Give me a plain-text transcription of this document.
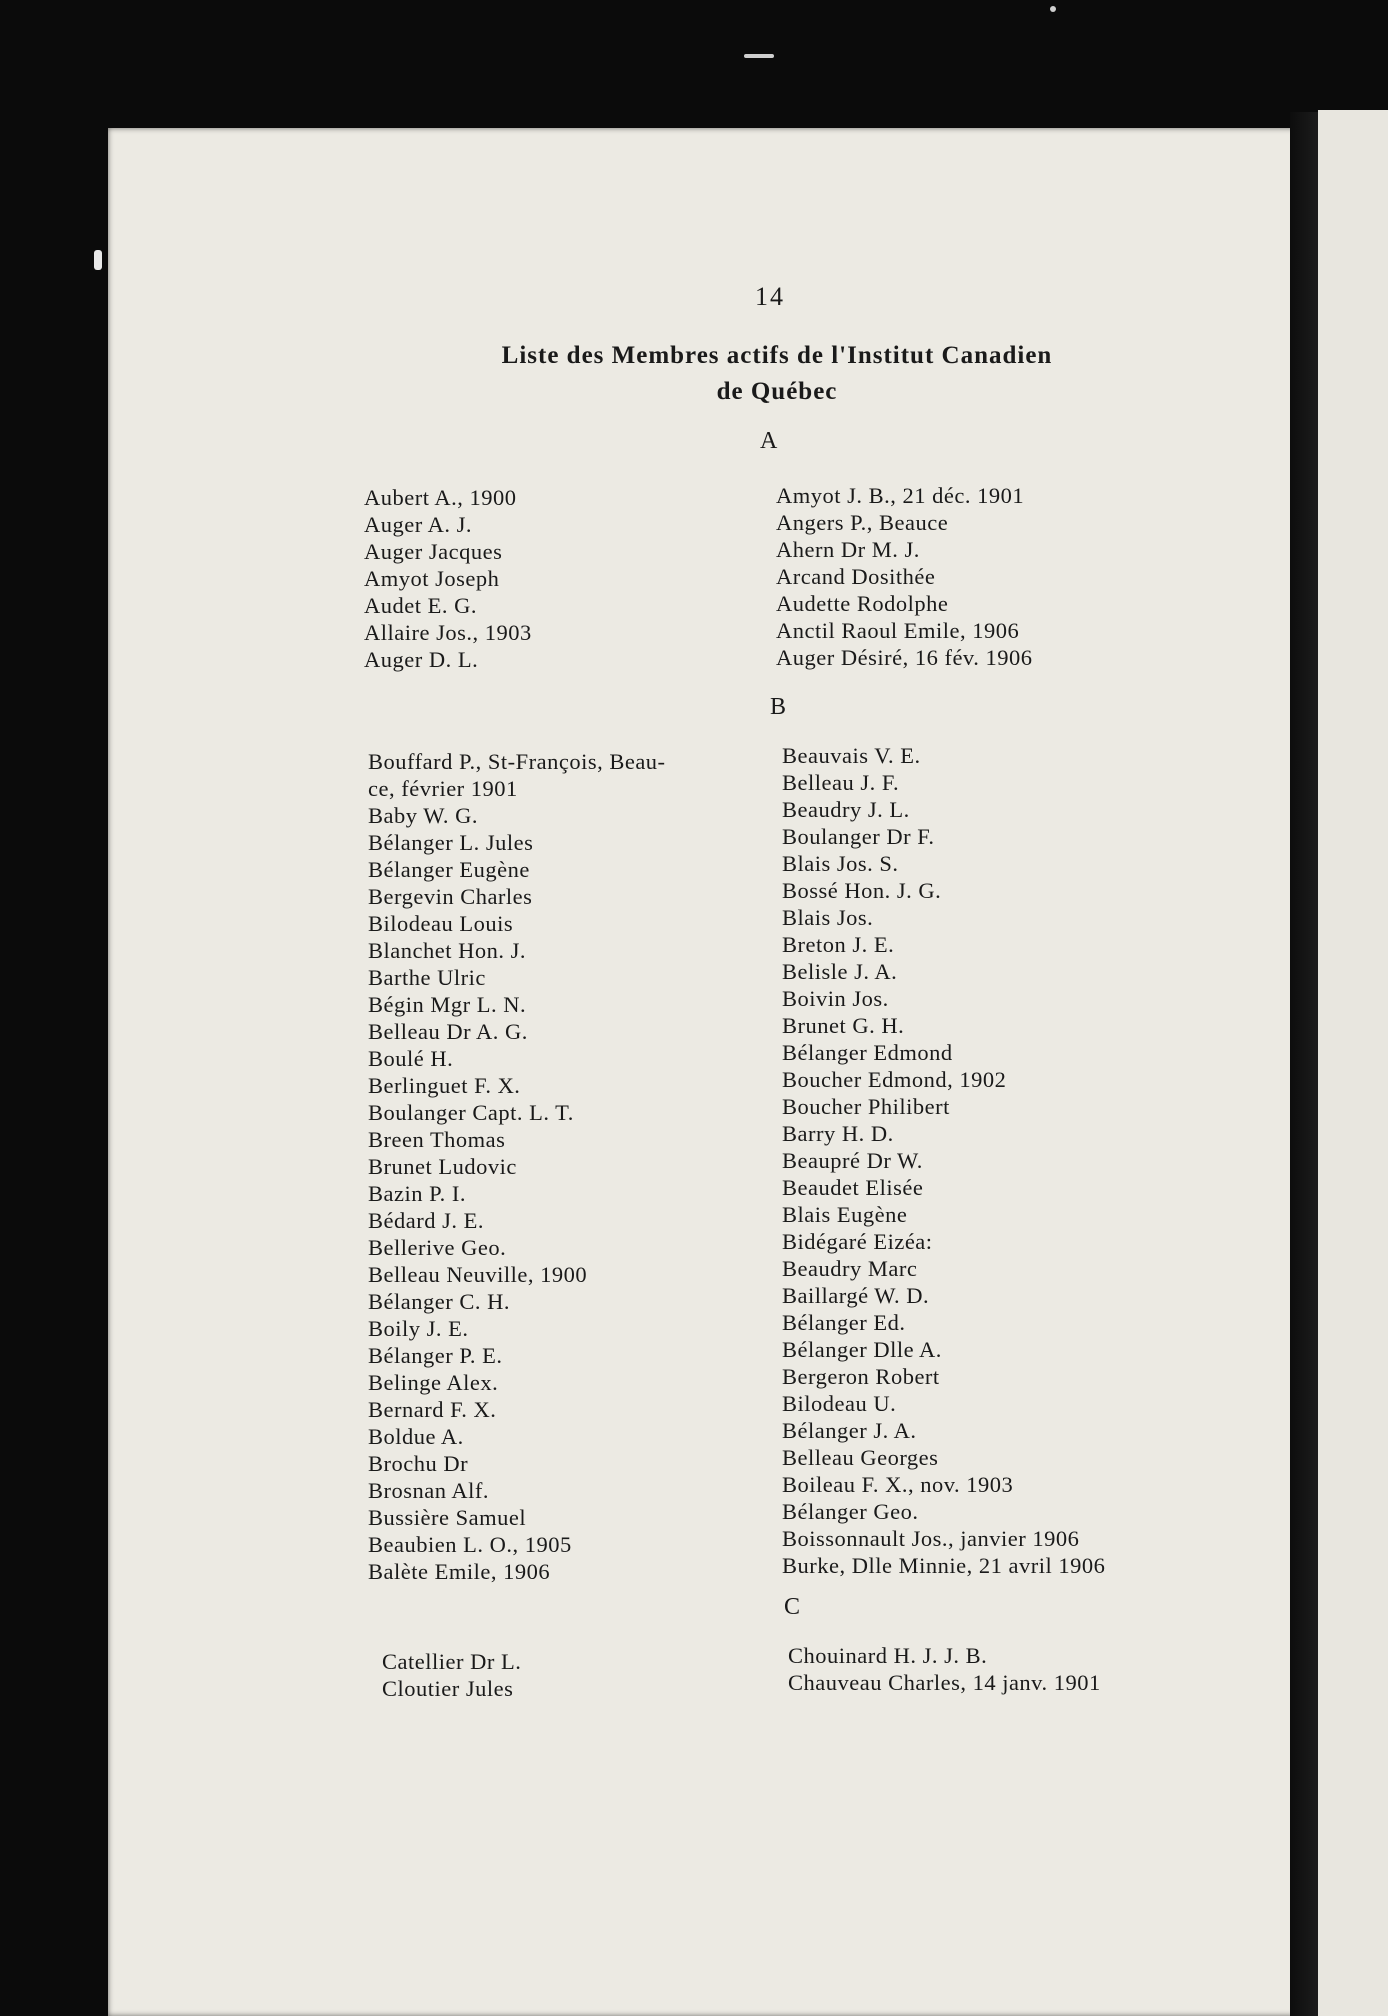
14
Liste des Membres actifs de l'Institut Canadien
de Québec
A
Aubert A., 1900
Auger A. J.
Auger Jacques
Amyot Joseph
Audet E. G.
Allaire Jos., 1903
Auger D. L.
Amyot J. B., 21 déc. 1901
Angers P., Beauce
Ahern Dr M. J.
Arcand Dosithée
Audette Rodolphe
Anctil Raoul Emile, 1906
Auger Désiré, 16 fév. 1906
B
Bouffard P., St-François, Beau-
ce, février 1901
Baby W. G.
Bélanger L. Jules
Bélanger Eugène
Bergevin Charles
Bilodeau Louis
Blanchet Hon. J.
Barthe Ulric
Bégin Mgr L. N.
Belleau Dr A. G.
Boulé H.
Berlinguet F. X.
Boulanger Capt. L. T.
Breen Thomas
Brunet Ludovic
Bazin P. I.
Bédard J. E.
Bellerive Geo.
Belleau Neuville, 1900
Bélanger C. H.
Boily J. E.
Bélanger P. E.
Belinge Alex.
Bernard F. X.
Boldue A.
Brochu Dr
Brosnan Alf.
Bussière Samuel
Beaubien L. O., 1905
Balète Emile, 1906
Beauvais V. E.
Belleau J. F.
Beaudry J. L.
Boulanger Dr F.
Blais Jos. S.
Bossé Hon. J. G.
Blais Jos.
Breton J. E.
Belisle J. A.
Boivin Jos.
Brunet G. H.
Bélanger Edmond
Boucher Edmond, 1902
Boucher Philibert
Barry H. D.
Beaupré Dr W.
Beaudet Elisée
Blais Eugène
Bidégaré Eizéa:
Beaudry Marc
Baillargé W. D.
Bélanger Ed.
Bélanger Dlle A.
Bergeron Robert
Bilodeau U.
Bélanger J. A.
Belleau Georges
Boileau F. X., nov. 1903
Bélanger Geo.
Boissonnault Jos., janvier 1906
Burke, Dlle Minnie, 21 avril 1906
C
Catellier Dr L.
Cloutier Jules
Chouinard H. J. J. B.
Chauveau Charles, 14 janv. 1901
